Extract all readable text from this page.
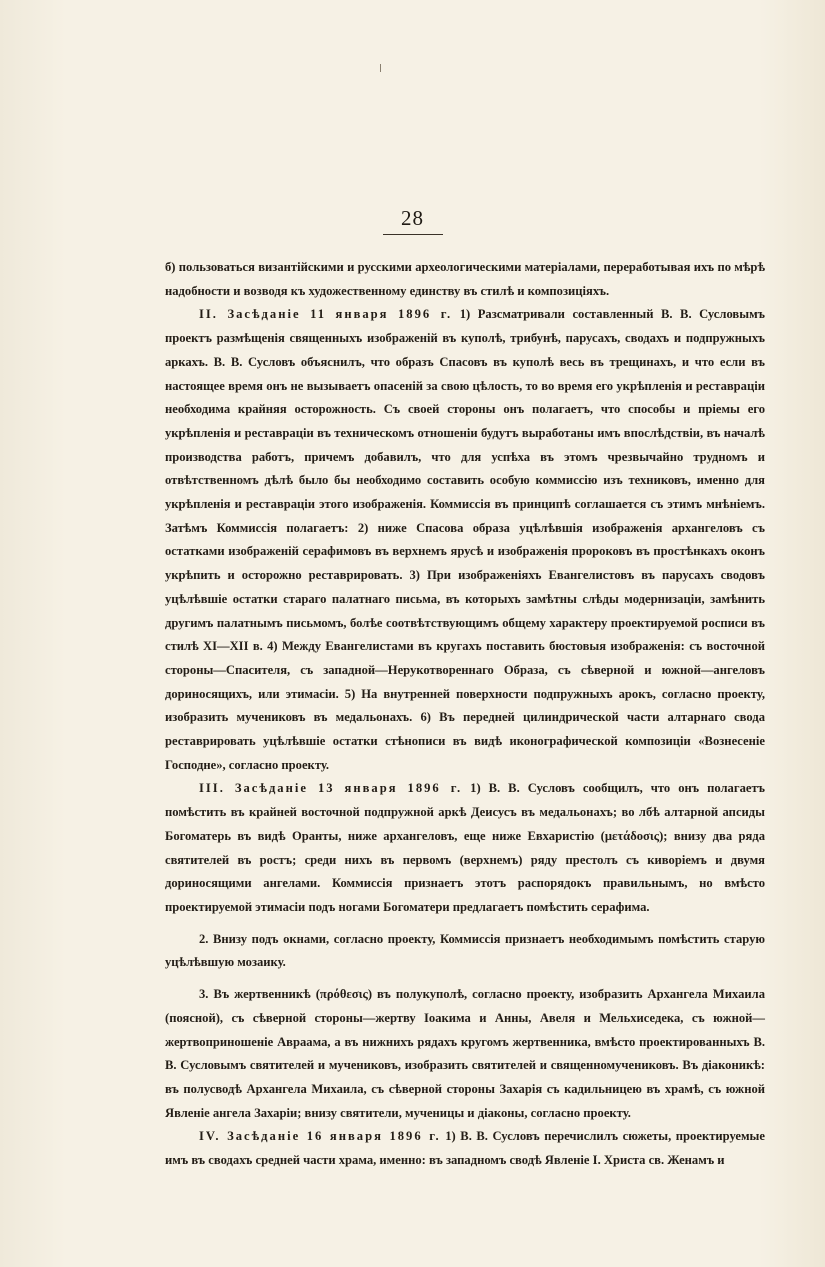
28

б) пользоваться византійскими и русскими археологическими матеріалами, переработывая ихъ по мѣрѣ надобности и возводя къ художественному единству въ стилѣ и композиціяхъ.

II. Засѣданіе 11 января 1896 г. 1) Разсматривали составленный В. В. Сусловымъ проектъ размѣщенія священныхъ изображеній въ куполѣ, трибунѣ, парусахъ, сводахъ и подпружныхъ аркахъ. В. В. Сусловъ объяснилъ, что образъ Спасовъ въ куполѣ весь въ трещинахъ, и что если въ настоящее время онъ не вызываетъ опасеній за свою цѣлость, то во время его укрѣпленія и реставраціи необходима крайняя осторожность. Съ своей стороны онъ полагаетъ, что способы и пріемы его укрѣпленія и реставраціи въ техническомъ отношеніи будутъ выработаны имъ впослѣдствіи, въ началѣ производства работъ, причемъ добавилъ, что для успѣха въ этомъ чрезвычайно трудномъ и отвѣтственномъ дѣлѣ было бы необходимо составить особую коммиссію изъ техниковъ, именно для укрѣпленія и реставраціи этого изображенія. Коммиссія въ принципѣ соглашается съ этимъ мнѣніемъ. Затѣмъ Коммиссія полагаетъ: 2) ниже Спасова образа уцѣлѣвшія изображенія архангеловъ съ остатками изображеній серафимовъ въ верхнемъ ярусѣ и изображенія пророковъ въ простѣнкахъ оконъ укрѣпить и осторожно реставрировать. 3) При изображеніяхъ Евангелистовъ въ парусахъ сводовъ уцѣлѣвшіе остатки стараго палатнаго письма, въ которыхъ замѣтны слѣды модернизаціи, замѣнить другимъ палатнымъ письмомъ, болѣе соотвѣтствующимъ общему характеру проектируемой росписи въ стилѣ XI—XII в. 4) Между Евангелистами въ кругахъ поставить бюстовыя изображенія: съ восточной стороны—Спасителя, съ западной—Нерукотвореннаго Образа, съ сѣверной и южной—ангеловъ дориносящихъ, или этимасіи. 5) На внутренней поверхности подпружныхъ арокъ, согласно проекту, изобразить мучениковъ въ медальонахъ. 6) Въ передней цилиндрической части алтарнаго свода реставрировать уцѣлѣвшіе остатки стѣнописи въ видѣ иконографической композиціи «Вознесеніе Господне», согласно проекту.

III. Засѣданіе 13 января 1896 г. 1) В. В. Сусловъ сообщилъ, что онъ полагаетъ помѣстить въ крайней восточной подпружной аркѣ Деисусъ въ медальонахъ; во лбѣ алтарной апсиды Богоматерь въ видѣ Оранты, ниже архангеловъ, еще ниже Евхаристію (μετάδοσις); внизу два ряда святителей въ ростъ; среди нихъ въ первомъ (верхнемъ) ряду престолъ съ киворіемъ и двумя дориносящими ангелами. Коммиссія признаетъ этотъ распорядокъ правильнымъ, но вмѣсто проектируемой этимасіи подъ ногами Богоматери предлагаетъ помѣстить серафима.

2. Внизу подъ окнами, согласно проекту, Коммиссія признаетъ необходимымъ помѣстить старую уцѣлѣвшую мозаику.

3. Въ жертвенникѣ (πρόθεσις) въ полукуполѣ, согласно проекту, изобразить Архангела Михаила (поясной), съ сѣверной стороны—жертву Іоакима и Анны, Авеля и Мельхиседека, съ южной—жертвоприношеніе Авраама, а въ нижнихъ рядахъ кругомъ жертвенника, вмѣсто проектированныхъ В. В. Сусловымъ святителей и мучениковъ, изобразить святителей и священномучениковъ. Въ діаконикѣ: въ полусводѣ Архангела Михаила, съ сѣверной стороны Захарія съ кадильницею въ храмѣ, съ южной Явленіе ангела Захаріи; внизу святители, мученицы и діаконы, согласно проекту.

IV. Засѣданіе 16 января 1896 г. 1) В. В. Сусловъ перечислилъ сюжеты, проектируемые имъ въ сводахъ средней части храма, именно: въ западномъ сводѣ Явленіе І. Христа св. Женамъ и
